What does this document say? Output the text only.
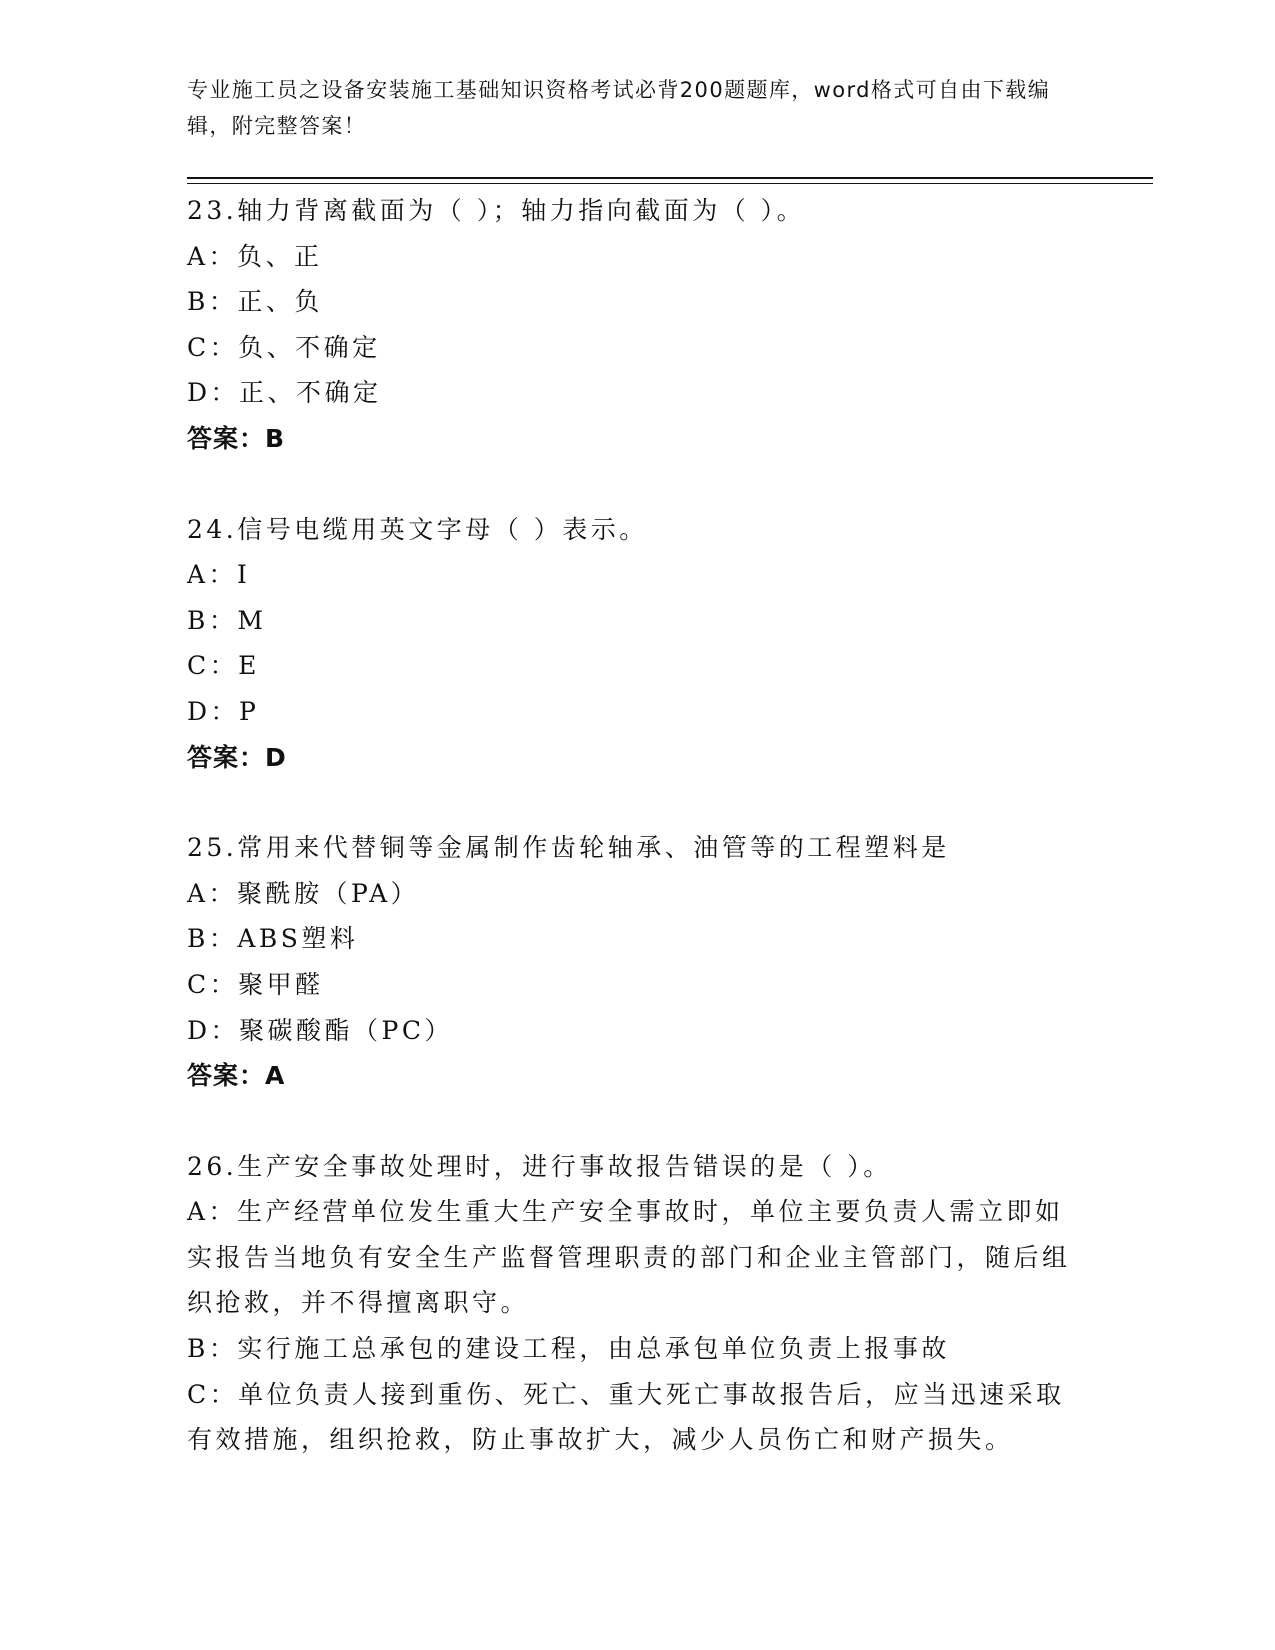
专业施工员之设备安装施工基础知识资格考试必背200题题库，word格式可自由下载编辑，附完整答案！
23.轴力背离截面为（ ）；轴力指向截面为（ ）。
A：负、正
B：正、负
C：负、不确定
D：正、不确定
答案：B
24.信号电缆用英文字母（ ）表示。
A：I
B：M
C：E
D：P
答案：D
25.常用来代替铜等金属制作齿轮轴承、油管等的工程塑料是
A：聚酰胺（PA）
B：ABS塑料
C：聚甲醛
D：聚碳酸酯（PC）
答案：A
26.生产安全事故处理时，进行事故报告错误的是（ ）。
A：生产经营单位发生重大生产安全事故时，单位主要负责人需立即如实报告当地负有安全生产监督管理职责的部门和企业主管部门，随后组织抢救，并不得擅离职守。
B：实行施工总承包的建设工程，由总承包单位负责上报事故
C：单位负责人接到重伤、死亡、重大死亡事故报告后，应当迅速采取有效措施，组织抢救，防止事故扩大，减少人员伤亡和财产损失。
